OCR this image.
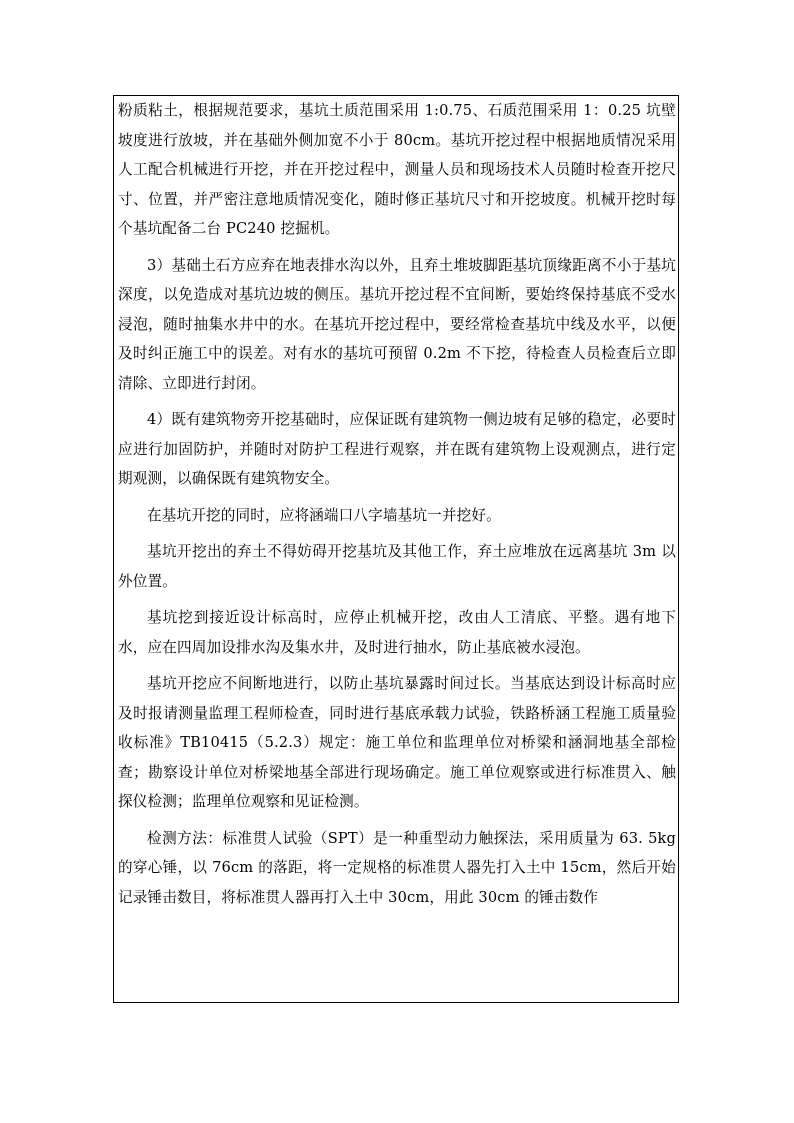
粉质粘土，根据规范要求，基坑土质范围采用 1:0.75、石质范围采用 1：0.25 坑壁坡度进行放坡，并在基础外侧加宽不小于 80cm。基坑开挖过程中根据地质情况采用人工配合机械进行开挖，并在开挖过程中，测量人员和现场技术人员随时检查开挖尺寸、位置，并严密注意地质情况变化，随时修正基坑尺寸和开挖坡度。机械开挖时每个基坑配备二台 PC240 挖掘机。

3）基础土石方应弃在地表排水沟以外，且弃土堆坡脚距基坑顶缘距离不小于基坑深度，以免造成对基坑边坡的侧压。基坑开挖过程不宜间断，要始终保持基底不受水浸泡，随时抽集水井中的水。在基坑开挖过程中，要经常检查基坑中线及水平，以便及时纠正施工中的误差。对有水的基坑可预留 0.2m 不下挖，待检查人员检查后立即清除、立即进行封闭。

4）既有建筑物旁开挖基础时，应保证既有建筑物一侧边坡有足够的稳定，必要时应进行加固防护，并随时对防护工程进行观察，并在既有建筑物上设观测点，进行定期观测，以确保既有建筑物安全。

在基坑开挖的同时，应将涵端口八字墙基坑一并挖好。

基坑开挖出的弃土不得妨碍开挖基坑及其他工作，弃土应堆放在远离基坑 3m 以外位置。

基坑挖到接近设计标高时，应停止机械开挖，改由人工清底、平整。遇有地下水，应在四周加设排水沟及集水井，及时进行抽水，防止基底被水浸泡。

基坑开挖应不间断地进行，以防止基坑暴露时间过长。当基底达到设计标高时应及时报请测量监理工程师检查，同时进行基底承载力试验，铁路桥涵工程施工质量验收标准》TB10415（5.2.3）规定：施工单位和监理单位对桥梁和涵洞地基全部检查；勘察设计单位对桥梁地基全部进行现场确定。施工单位观察或进行标准贯入、触探仪检测；监理单位观察和见证检测。

检测方法：标准贯人试验（SPT）是一种重型动力触探法，采用质量为 63. 5kg 的穿心锤，以 76cm 的落距，将一定规格的标准贯人器先打入土中 15cm，然后开始记录锤击数目，将标准贯人器再打入土中 30cm，用此 30cm 的锤击数作
